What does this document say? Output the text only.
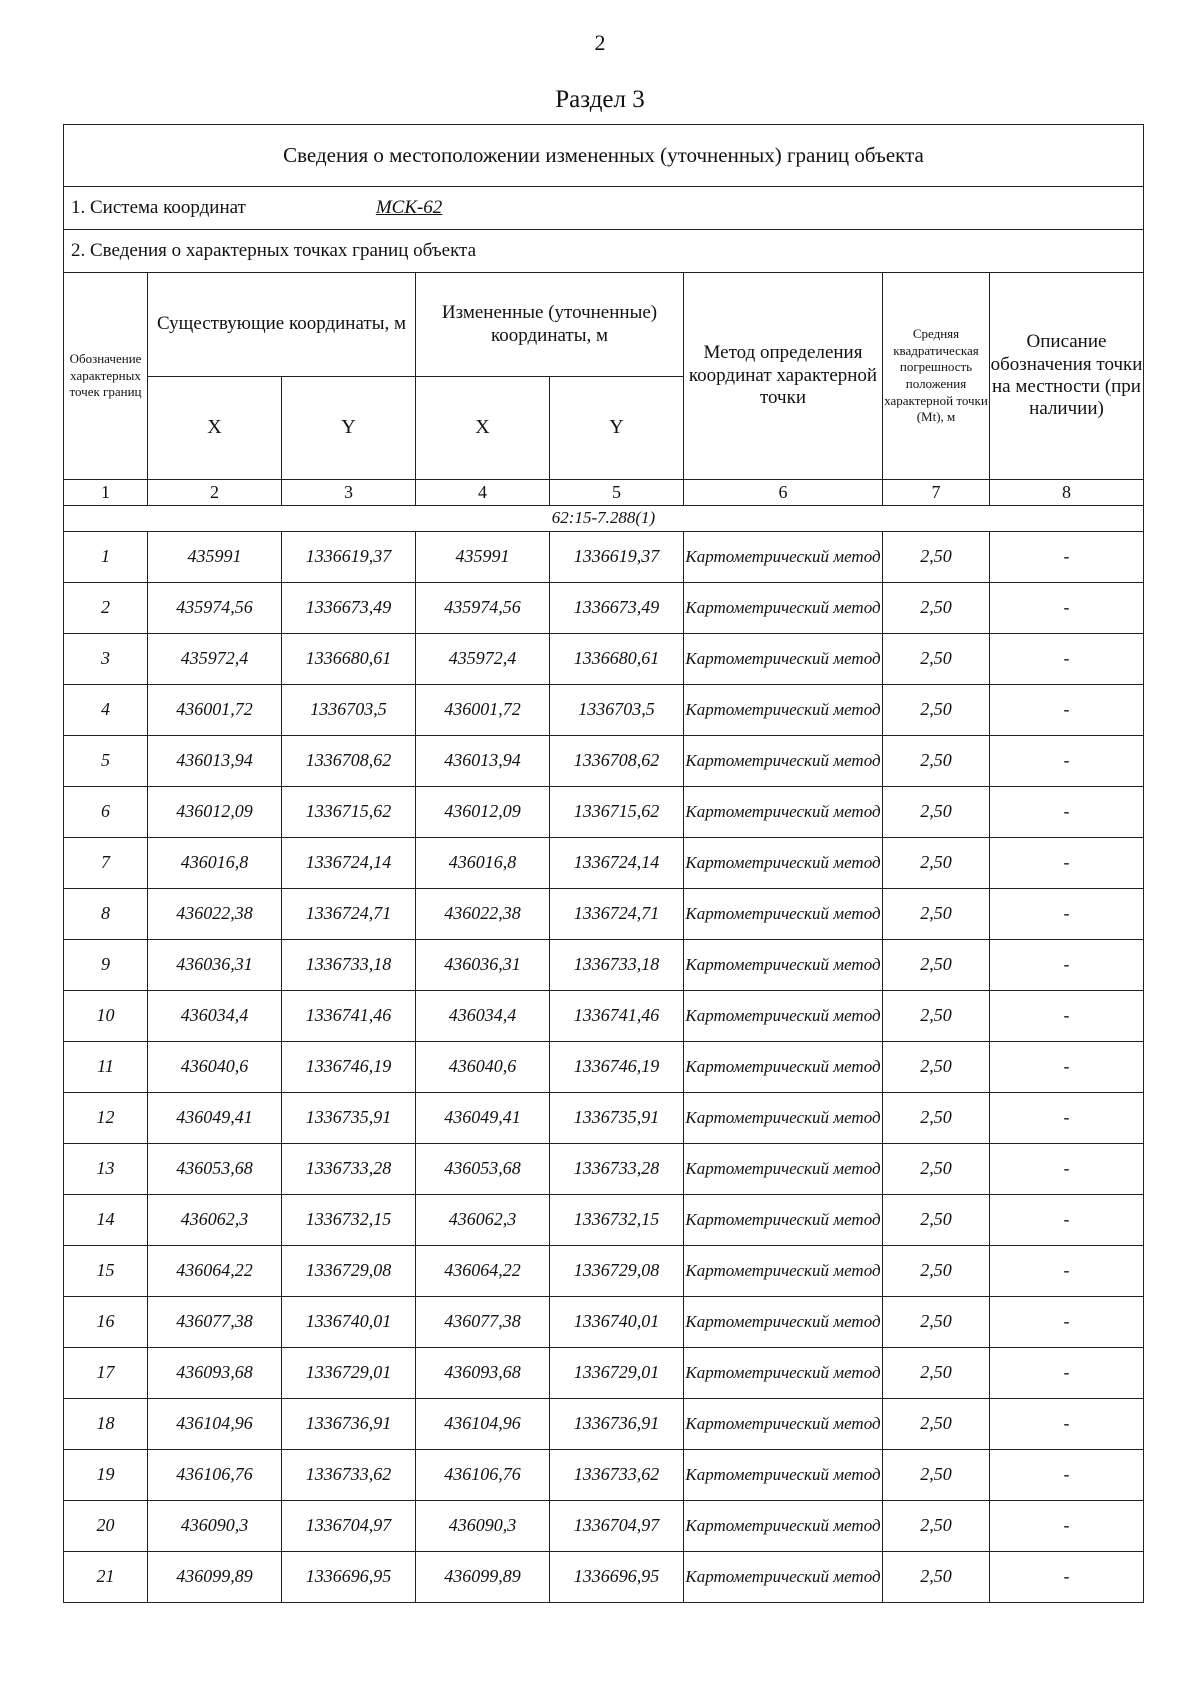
2
Раздел 3
Сведения о местоположении измененных (уточненных) границ объекта							
1. Система координат МСК-62							
2. Сведения о характерных точках границ объекта							
Обозначение характерных точек границ	Существующие координаты, м		Измененные (уточненные) координаты, м		Метод определения координат характерной точки	Средняя квадратическая погрешность положения характерной точки (Mt), м	Описание обозначения точки на местности (при наличии)
	X	Y	X	Y			
1	2	3	4	5	6	7	8
62:15-7.288(1)							
1	435991	1336619,37	435991	1336619,37	Картометрический метод	2,50	-
2	435974,56	1336673,49	435974,56	1336673,49	Картометрический метод	2,50	-
3	435972,4	1336680,61	435972,4	1336680,61	Картометрический метод	2,50	-
4	436001,72	1336703,5	436001,72	1336703,5	Картометрический метод	2,50	-
5	436013,94	1336708,62	436013,94	1336708,62	Картометрический метод	2,50	-
6	436012,09	1336715,62	436012,09	1336715,62	Картометрический метод	2,50	-
7	436016,8	1336724,14	436016,8	1336724,14	Картометрический метод	2,50	-
8	436022,38	1336724,71	436022,38	1336724,71	Картометрический метод	2,50	-
9	436036,31	1336733,18	436036,31	1336733,18	Картометрический метод	2,50	-
10	436034,4	1336741,46	436034,4	1336741,46	Картометрический метод	2,50	-
11	436040,6	1336746,19	436040,6	1336746,19	Картометрический метод	2,50	-
12	436049,41	1336735,91	436049,41	1336735,91	Картометрический метод	2,50	-
13	436053,68	1336733,28	436053,68	1336733,28	Картометрический метод	2,50	-
14	436062,3	1336732,15	436062,3	1336732,15	Картометрический метод	2,50	-
15	436064,22	1336729,08	436064,22	1336729,08	Картометрический метод	2,50	-
16	436077,38	1336740,01	436077,38	1336740,01	Картометрический метод	2,50	-
17	436093,68	1336729,01	436093,68	1336729,01	Картометрический метод	2,50	-
18	436104,96	1336736,91	436104,96	1336736,91	Картометрический метод	2,50	-
19	436106,76	1336733,62	436106,76	1336733,62	Картометрический метод	2,50	-
20	436090,3	1336704,97	436090,3	1336704,97	Картометрический метод	2,50	-
21	436099,89	1336696,95	436099,89	1336696,95	Картометрический метод	2,50	-
